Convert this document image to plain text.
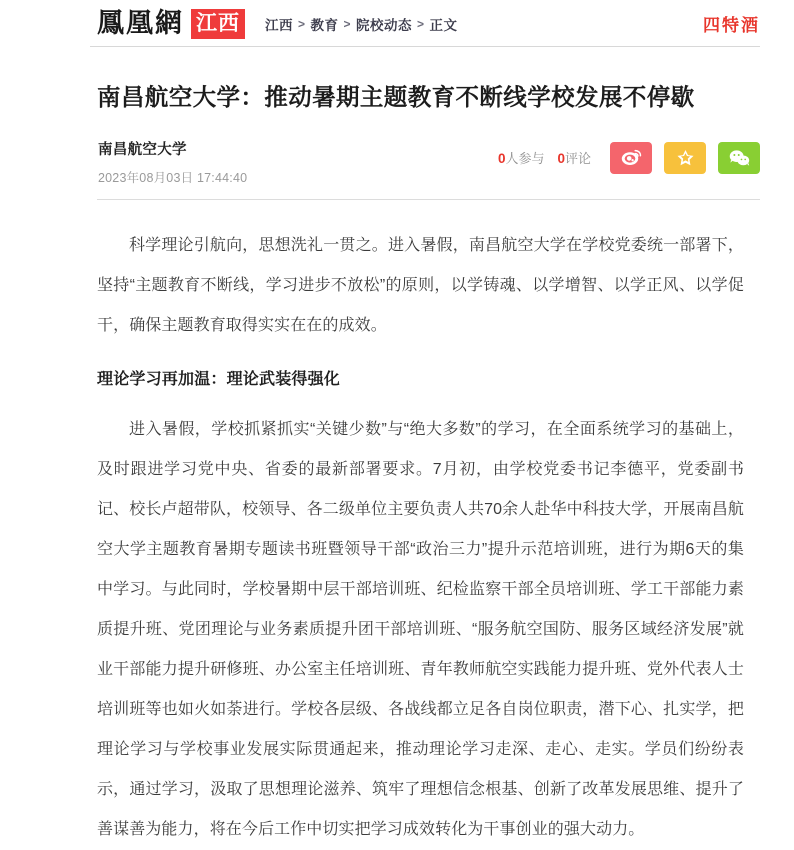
鳳凰網 江西	江西 > 教育 > 院校动态 > 正文	四特酒
南昌航空大学：推动暑期主题教育不断线学校发展不停歇
南昌航空大学
2023年08月03日 17:44:40
0人参与 0评论

科学理论引航向，思想洗礼一贯之。进入暑假，南昌航空大学在学校党委统一部署下，坚持“主题教育不断线，学习进步不放松”的原则，以学铸魂、以学增智、以学正风、以学促干，确保主题教育取得实实在在的成效。

理论学习再加温：理论武装得强化

进入暑假，学校抓紧抓实“关键少数”与“绝大多数”的学习，在全面系统学习的基础上，及时跟进学习党中央、省委的最新部署要求。7月初，由学校党委书记李德平，党委副书记、校长卢超带队，校领导、各二级单位主要负责人共70余人赴华中科技大学，开展南昌航空大学主题教育暑期专题读书班暨领导干部“政治三力”提升示范培训班，进行为期6天的集中学习。与此同时，学校暑期中层干部培训班、纪检监察干部全员培训班、学工干部能力素质提升班、党团理论与业务素质提升团干部培训班、“服务航空国防、服务区域经济发展”就业干部能力提升研修班、办公室主任培训班、青年教师航空实践能力提升班、党外代表人士培训班等也如火如荼进行。学校各层级、各战线都立足各自岗位职责，潜下心、扎实学，把理论学习与学校事业发展实际贯通起来，推动理论学习走深、走心、走实。学员们纷纷表示，通过学习，汲取了思想理论滋养、筑牢了理想信念根基、创新了改革发展思维、提升了善谋善为能力，将在今后工作中切实把学习成效转化为干事创业的强大动力。
